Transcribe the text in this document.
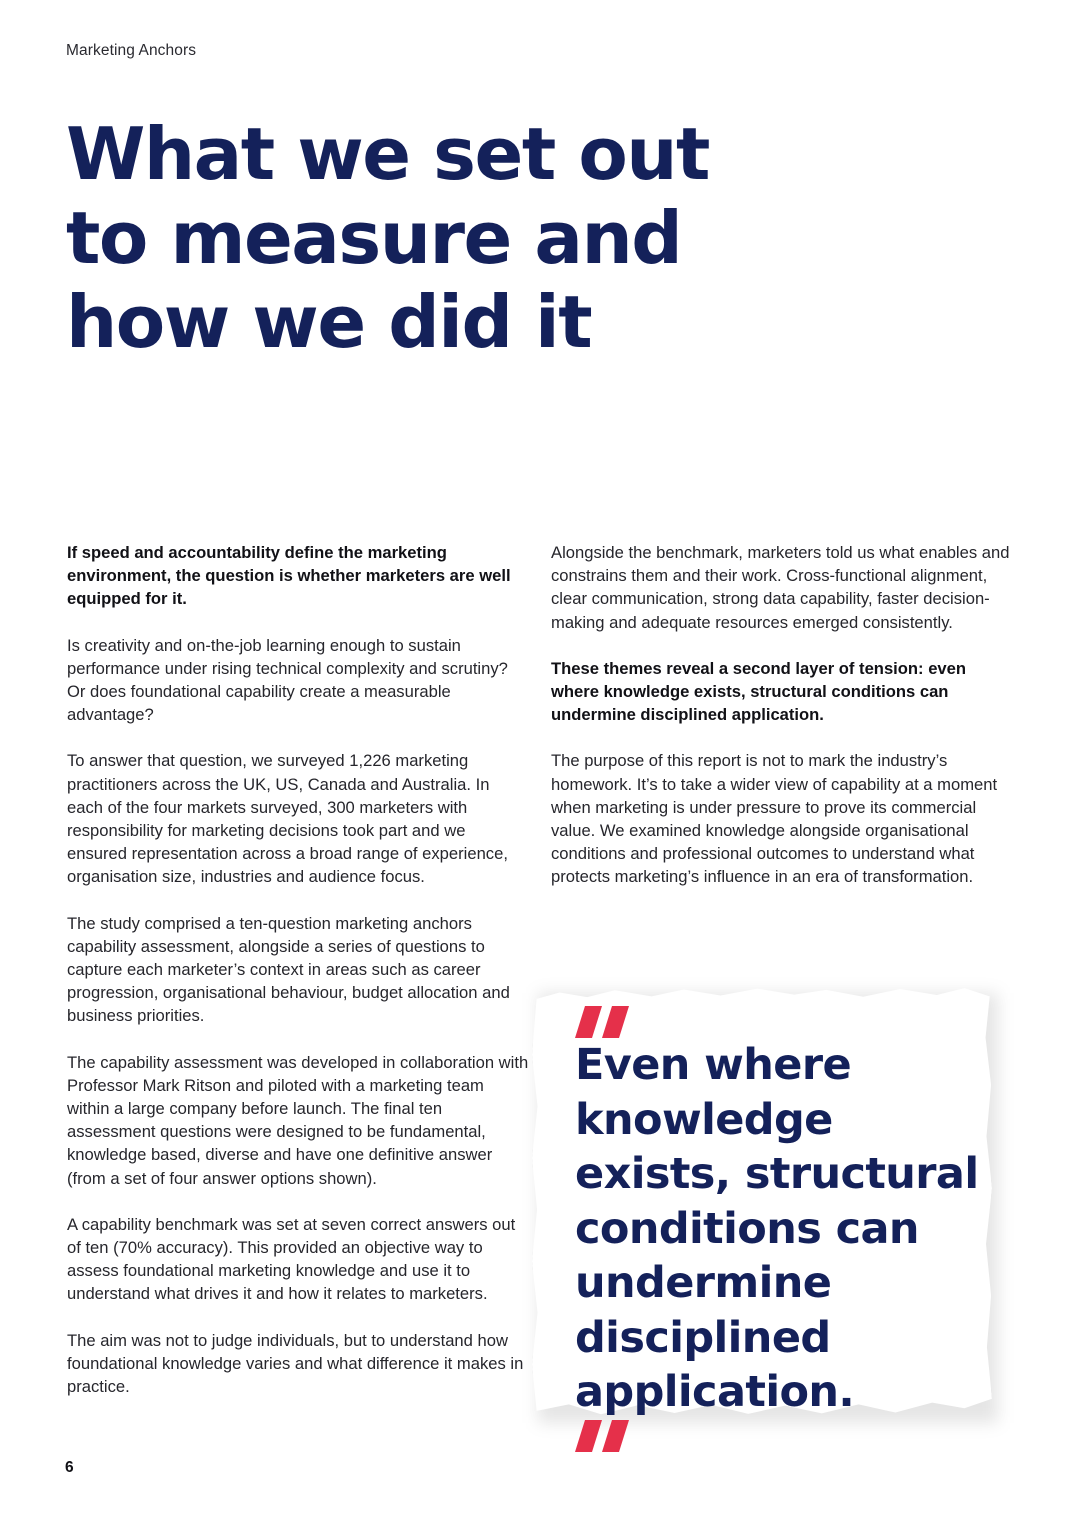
Marketing Anchors
What we set out
to measure and
how we did it

If speed and accountability define the marketing environment, the question is whether marketers are well equipped for it.

Is creativity and on-the-job learning enough to sustain performance under rising technical complexity and scrutiny? Or does foundational capability create a measurable advantage?

To answer that question, we surveyed 1,226 marketing practitioners across the UK, US, Canada and Australia. In each of the four markets surveyed, 300 marketers with responsibility for marketing decisions took part and we ensured representation across a broad range of experience, organisation size, industries and audience focus.

The study comprised a ten-question marketing anchors capability assessment, alongside a series of questions to capture each marketer’s context in areas such as career progression, organisational behaviour, budget allocation and business priorities.

The capability assessment was developed in collaboration with Professor Mark Ritson and piloted with a marketing team within a large company before launch. The final ten assessment questions were designed to be fundamental, knowledge based, diverse and have one definitive answer (from a set of four answer options shown).

A capability benchmark was set at seven correct answers out of ten (70% accuracy). This provided an objective way to assess foundational marketing knowledge and use it to understand what drives it and how it relates to marketers.

The aim was not to judge individuals, but to understand how foundational knowledge varies and what difference it makes in practice.

Alongside the benchmark, marketers told us what enables and constrains them and their work. Cross-functional alignment, clear communication, strong data capability, faster decision-making and adequate resources emerged consistently.

These themes reveal a second layer of tension: even where knowledge exists, structural conditions can undermine disciplined application.

The purpose of this report is not to mark the industry’s homework. It’s to take a wider view of capability at a moment when marketing is under pressure to prove its commercial value. We examined knowledge alongside organisational conditions and professional outcomes to understand what protects marketing’s influence in an era of transformation.

Even where
knowledge
exists, structural
conditions can
undermine
disciplined
application.

6
